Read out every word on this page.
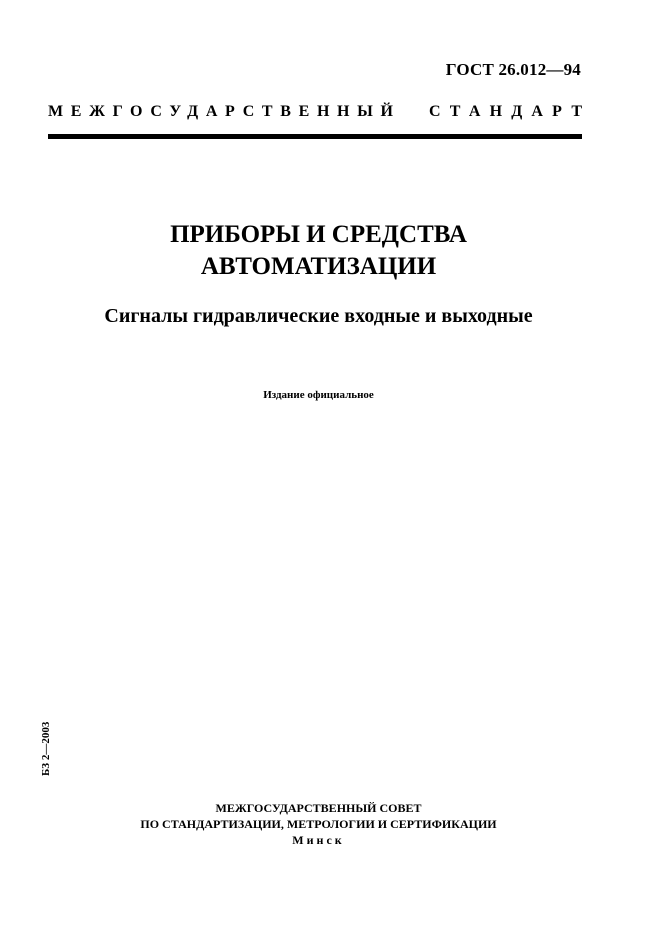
ГОСТ 26.012—94
МЕЖГОСУДАРСТВЕННЫЙ СТАНДАРТ
ПРИБОРЫ И СРЕДСТВА
АВТОМАТИЗАЦИИ
Сигналы гидравлические входные и выходные
Издание официальное
БЗ 2—2003
МЕЖГОСУДАРСТВЕННЫЙ СОВЕТ
ПО СТАНДАРТИЗАЦИИ, МЕТРОЛОГИИ И СЕРТИФИКАЦИИ
Минск
